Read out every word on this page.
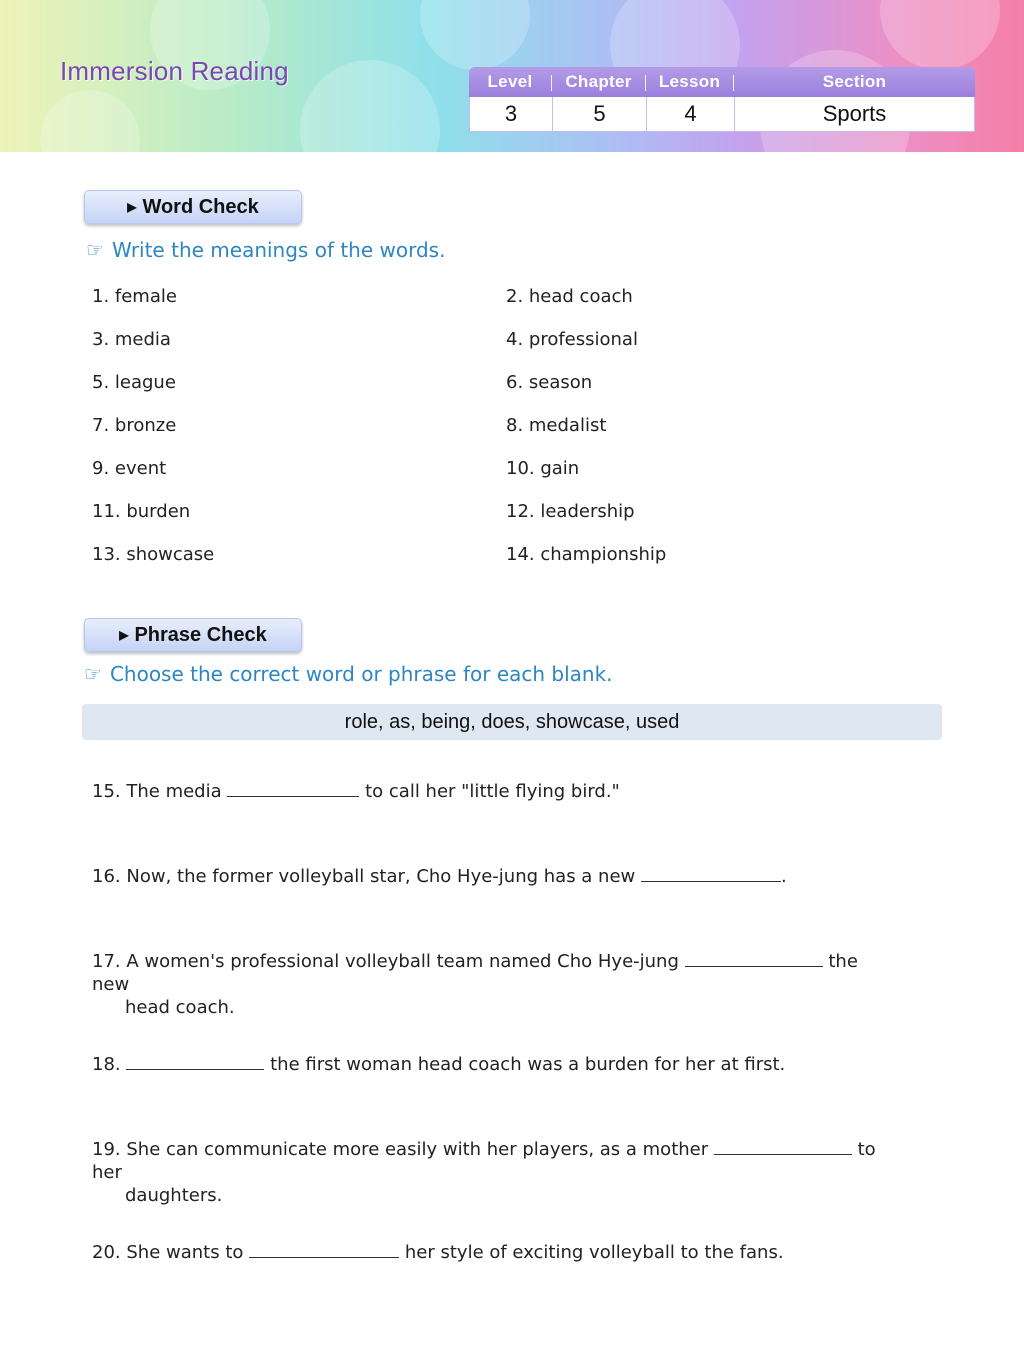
Immersion Reading	Level	Chapter	Lesson	Section
3	5	4	Sports
▶ Word Check
☞ Write the meanings of the words.
1. female	2. head coach
3. media	4. professional
5. league	6. season
7. bronze	8. medalist
9. event	10. gain
11. burden	12. leadership
13. showcase	14. championship
▶ Phrase Check
☞ Choose the correct word or phrase for each blank.
role, as, being, does, showcase, used
15. The media	to call her "little flying bird."
16. Now, the former volleyball star, Cho Hye-jung has a new	.
17. A women's professional volleyball team named Cho Hye-jung	the new
head coach.
18.	the first woman head coach was a burden for her at first.
19. She can communicate more easily with her players, as a mother	to her
daughters.
20. She wants to	her style of exciting volleyball to the fans.
